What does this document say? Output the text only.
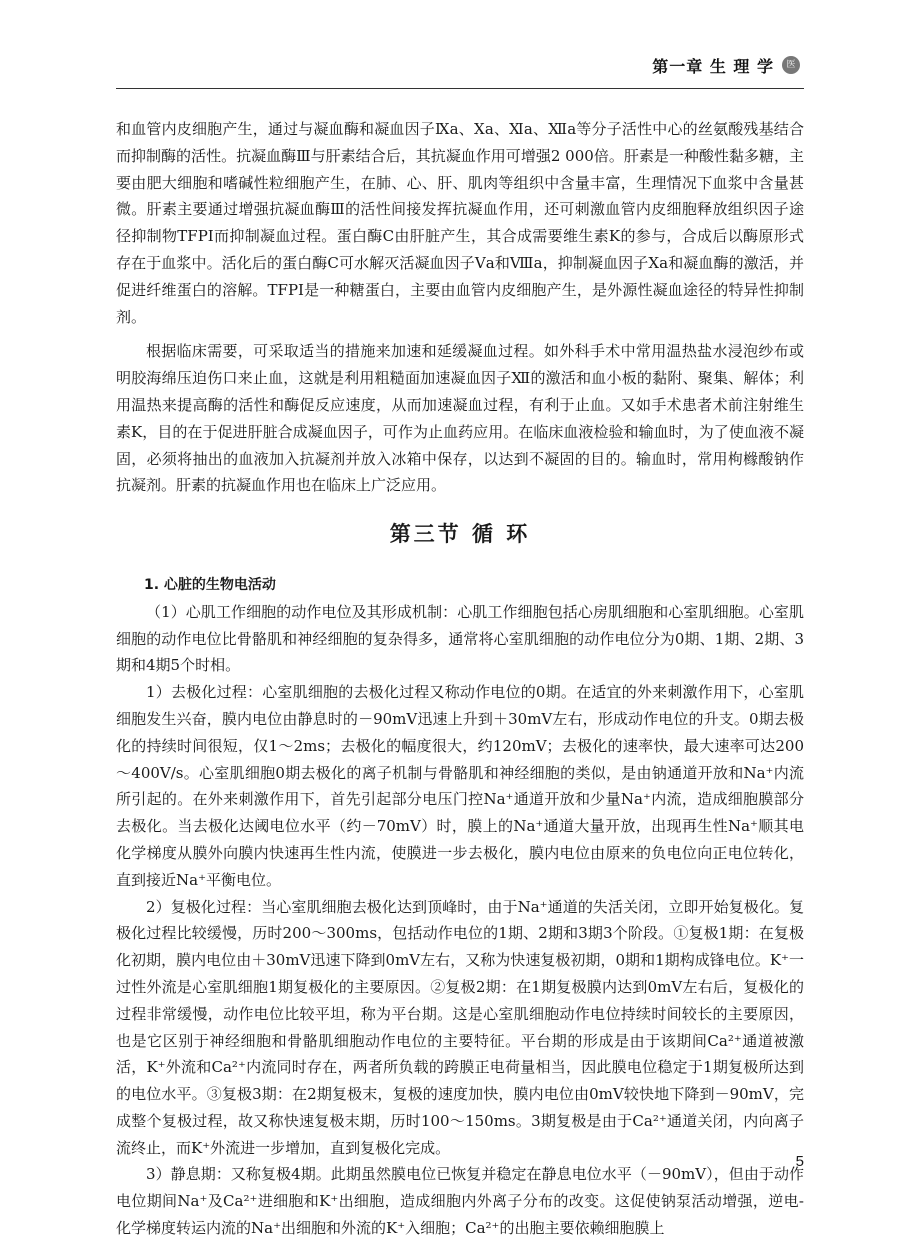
第一章 生 理 学	医

和血管内皮细胞产生，通过与凝血酶和凝血因子Ⅸa、Ⅹa、Ⅺa、Ⅻa等分子活性中心的丝氨酸残基结合而抑制酶的活性。抗凝血酶Ⅲ与肝素结合后，其抗凝血作用可增强2 000倍。肝素是一种酸性黏多糖，主要由肥大细胞和嗜碱性粒细胞产生，在肺、心、肝、肌肉等组织中含量丰富，生理情况下血浆中含量甚微。肝素主要通过增强抗凝血酶Ⅲ的活性间接发挥抗凝血作用，还可刺激血管内皮细胞释放组织因子途径抑制物TFPI而抑制凝血过程。蛋白酶C由肝脏产生，其合成需要维生素K的参与，合成后以酶原形式存在于血浆中。活化后的蛋白酶C可水解灭活凝血因子Ⅴa和Ⅷa，抑制凝血因子Ⅹa和凝血酶的激活，并促进纤维蛋白的溶解。TFPI是一种糖蛋白，主要由血管内皮细胞产生，是外源性凝血途径的特异性抑制剂。

根据临床需要，可采取适当的措施来加速和延缓凝血过程。如外科手术中常用温热盐水浸泡纱布或明胶海绵压迫伤口来止血，这就是利用粗糙面加速凝血因子Ⅻ的激活和血小板的黏附、聚集、解体；利用温热来提高酶的活性和酶促反应速度，从而加速凝血过程，有利于止血。又如手术患者术前注射维生素K，目的在于促进肝脏合成凝血因子，可作为止血药应用。在临床血液检验和输血时，为了使血液不凝固，必须将抽出的血液加入抗凝剂并放入冰箱中保存，以达到不凝固的目的。输血时，常用枸橼酸钠作抗凝剂。肝素的抗凝血作用也在临床上广泛应用。

第三节 循 环

1. 心脏的生物电活动

（1）心肌工作细胞的动作电位及其形成机制：心肌工作细胞包括心房肌细胞和心室肌细胞。心室肌细胞的动作电位比骨骼肌和神经细胞的复杂得多，通常将心室肌细胞的动作电位分为0期、1期、2期、3期和4期5个时相。

1）去极化过程：心室肌细胞的去极化过程又称动作电位的0期。在适宜的外来刺激作用下，心室肌细胞发生兴奋，膜内电位由静息时的－90mV迅速上升到＋30mV左右，形成动作电位的升支。0期去极化的持续时间很短，仅1～2ms；去极化的幅度很大，约120mV；去极化的速率快，最大速率可达200～400V/s。心室肌细胞0期去极化的离子机制与骨骼肌和神经细胞的类似，是由钠通道开放和Na⁺内流所引起的。在外来刺激作用下，首先引起部分电压门控Na⁺通道开放和少量Na⁺内流，造成细胞膜部分去极化。当去极化达阈电位水平（约－70mV）时，膜上的Na⁺通道大量开放，出现再生性Na⁺顺其电化学梯度从膜外向膜内快速再生性内流，使膜进一步去极化，膜内电位由原来的负电位向正电位转化，直到接近Na⁺平衡电位。

2）复极化过程：当心室肌细胞去极化达到顶峰时，由于Na⁺通道的失活关闭，立即开始复极化。复极化过程比较缓慢，历时200～300ms，包括动作电位的1期、2期和3期3个阶段。①复极1期：在复极化初期，膜内电位由＋30mV迅速下降到0mV左右，又称为快速复极初期，0期和1期构成锋电位。K⁺一过性外流是心室肌细胞1期复极化的主要原因。②复极2期：在1期复极膜内达到0mV左右后，复极化的过程非常缓慢，动作电位比较平坦，称为平台期。这是心室肌细胞动作电位持续时间较长的主要原因，也是它区别于神经细胞和骨骼肌细胞动作电位的主要特征。平台期的形成是由于该期间Ca²⁺通道被激活，K⁺外流和Ca²⁺内流同时存在，两者所负载的跨膜正电荷量相当，因此膜电位稳定于1期复极所达到的电位水平。③复极3期：在2期复极末，复极的速度加快，膜内电位由0mV较快地下降到－90mV，完成整个复极过程，故又称快速复极末期，历时100～150ms。3期复极是由于Ca²⁺通道关闭，内向离子流终止，而K⁺外流进一步增加，直到复极化完成。

3）静息期：又称复极4期。此期虽然膜电位已恢复并稳定在静息电位水平（－90mV），但由于动作电位期间Na⁺及Ca²⁺进细胞和K⁺出细胞，造成细胞内外离子分布的改变。这促使钠泵活动增强，逆电-化学梯度转运内流的Na⁺出细胞和外流的K⁺入细胞；Ca²⁺的出胞主要依赖细胞膜上

5
